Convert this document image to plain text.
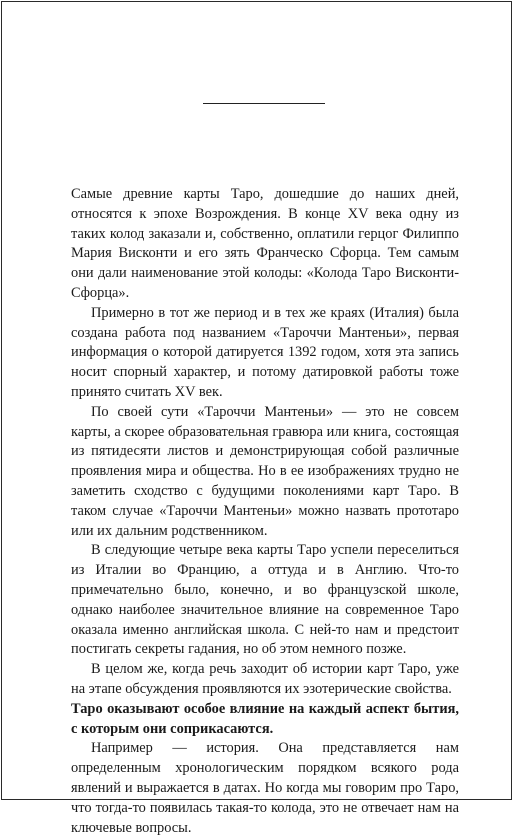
Самые древние карты Таро, дошедшие до наших дней, относятся к эпохе Возрождения. В конце XV века одну из таких колод заказали и, собственно, оплатили герцог Филиппо Мария Висконти и его зять Франческо Сфорца. Тем самым они дали наименование этой колоды: «Колода Таро Висконти-Сфорца».

Примерно в тот же период и в тех же краях (Италия) была создана работа под названием «Тароччи Мантеньи», первая информация о которой датируется 1392 годом, хотя эта запись носит спорный характер, и потому датировкой работы тоже принято считать XV век.

По своей сути «Тароччи Мантеньи» — это не совсем карты, а скорее образовательная гравюра или книга, состоящая из пятидесяти листов и демонстрирующая собой различные проявления мира и общества. Но в ее изображениях трудно не заметить сходство с будущими поколениями карт Таро. В таком случае «Тароччи Мантеньи» можно назвать прототаро или их дальним родственником.

В следующие четыре века карты Таро успели переселиться из Италии во Францию, а оттуда и в Англию. Что-то примечательно было, конечно, и во французской школе, однако наиболее значительное влияние на современное Таро оказала именно английская школа. С ней-то нам и предстоит постигать секреты гадания, но об этом немного позже.

В целом же, когда речь заходит об истории карт Таро, уже на этапе обсуждения проявляются их эзотерические свойства.

Таро оказывают особое влияние на каждый аспект бытия, с которым они соприкасаются.

Например — история. Она представляется нам определенным хронологическим порядком всякого рода явлений и выражается в датах. Но когда мы говорим про Таро, что тогда-то появилась такая-то колода, это не отвечает нам на ключевые вопросы.
